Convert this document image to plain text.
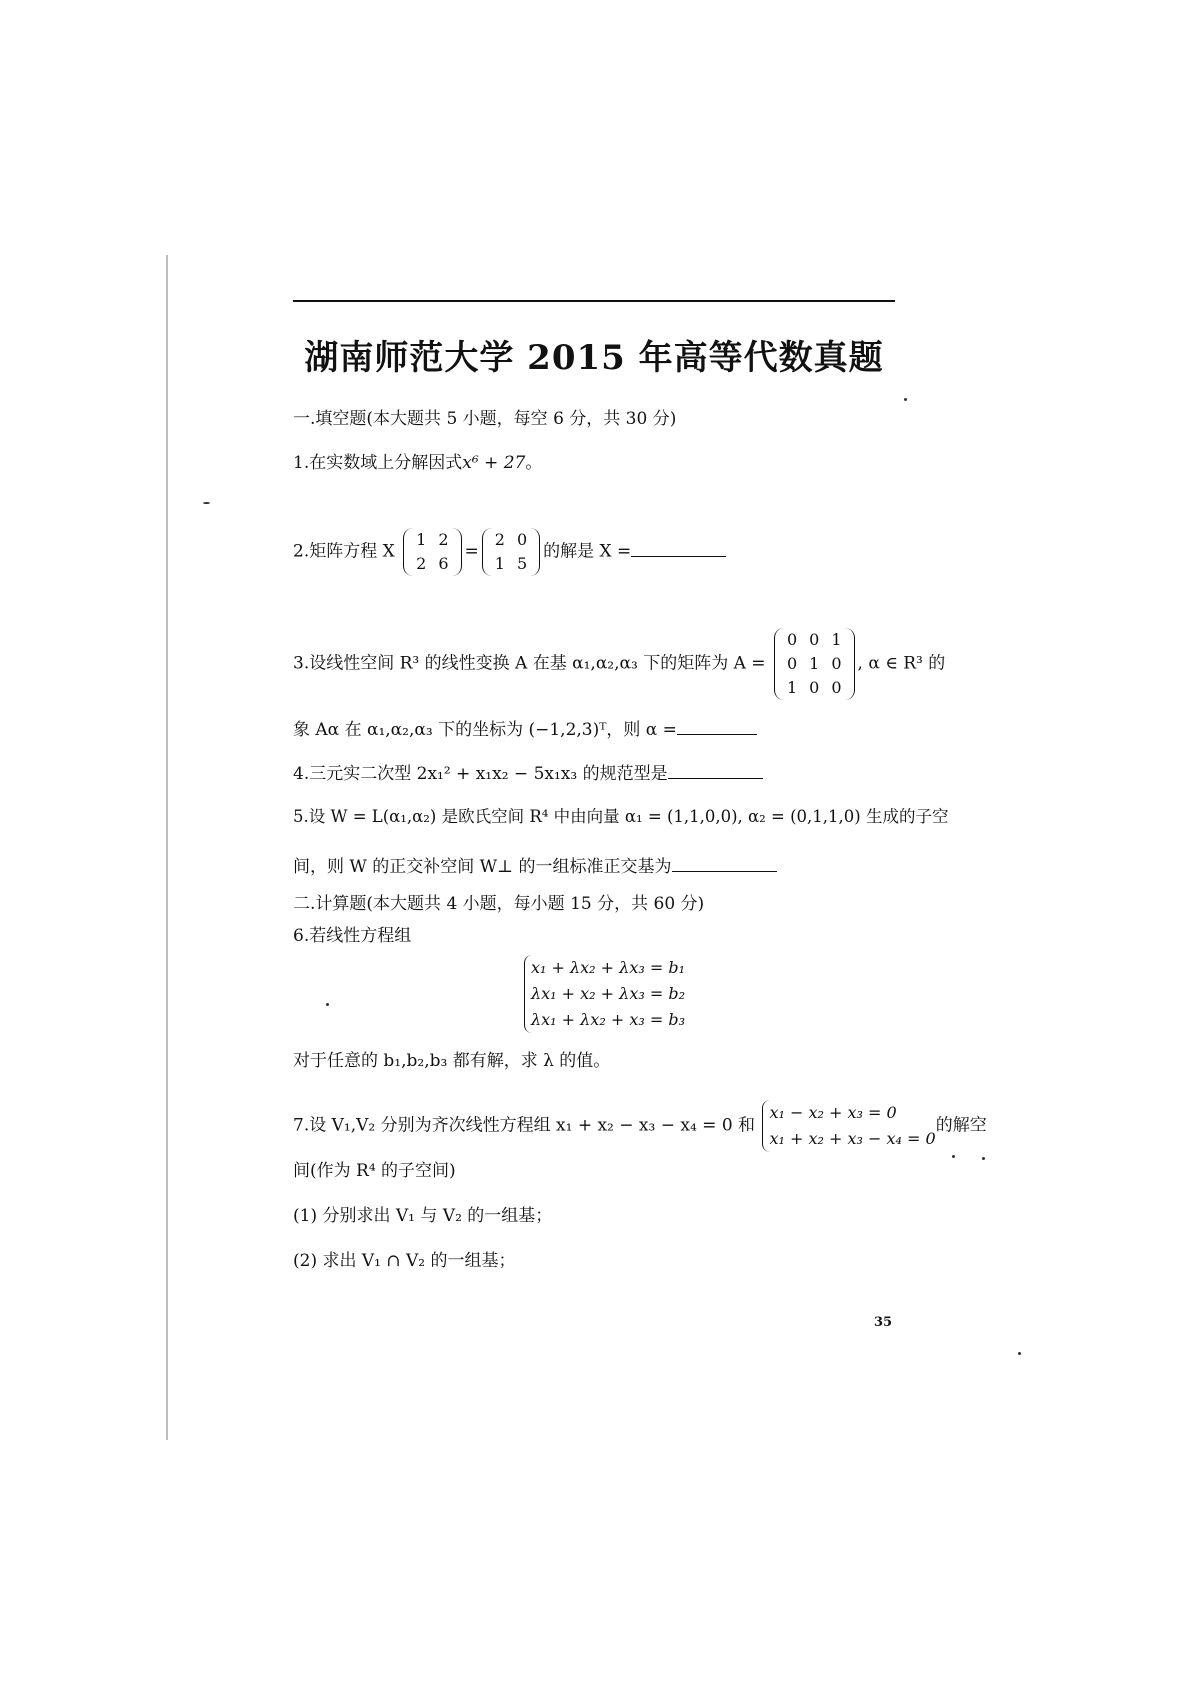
湖南师范大学 2015 年高等代数真题
一.填空题(本大题共 5 小题，每空 6 分，共 30 分)
1.在实数域上分解因式x⁶ + 27。
2.矩阵方程 X
1	2
2	6
=
2	0
1	5
的解是 X =
3.设线性空间 R³ 的线性变换 A 在基 α₁,α₂,α₃ 下的矩阵为 A =
0	0	1
0	1	0
1	0	0
, α ∈ R³ 的
象 Aα 在 α₁,α₂,α₃ 下的坐标为 (−1,2,3)ᵀ，则 α =
4.三元实二次型 2x₁² + x₁x₂ − 5x₁x₃ 的规范型是
5.设 W = L(α₁,α₂) 是欧氏空间 R⁴ 中由向量 α₁ = (1,1,0,0), α₂ = (0,1,1,0) 生成的子空
间，则 W 的正交补空间 W⊥ 的一组标准正交基为
二.计算题(本大题共 4 小题，每小题 15 分，共 60 分)
6.若线性方程组
x₁ + λx₂ + λx₃ = b₁
λx₁ + x₂ + λx₃ = b₂
λx₁ + λx₂ + x₃ = b₃
对于任意的 b₁,b₂,b₃ 都有解，求 λ 的值。
7.设 V₁,V₂ 分别为齐次线性方程组 x₁ + x₂ − x₃ − x₄ = 0 和
x₁ − x₂ + x₃ = 0
x₁ + x₂ + x₃ − x₄ = 0
的解空
间(作为 R⁴ 的子空间)
(1) 分别求出 V₁ 与 V₂ 的一组基；
(2) 求出 V₁ ∩ V₂ 的一组基；
35
